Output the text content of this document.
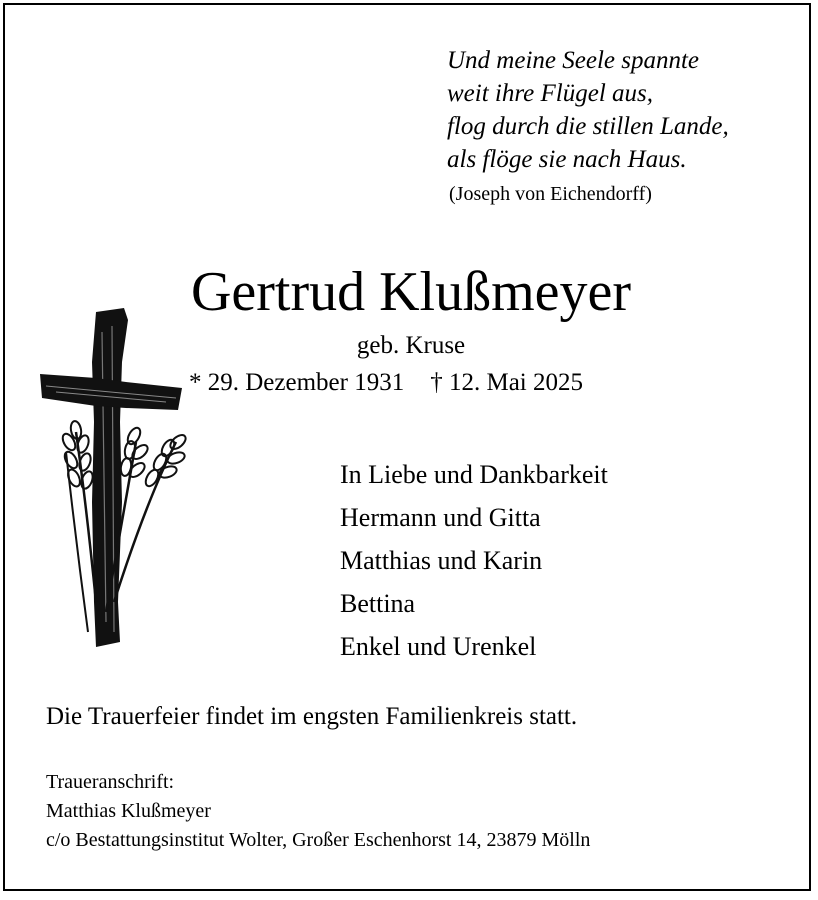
Und meine Seele spannte
weit ihre Flügel aus,
flog durch die stillen Lande,
als flöge sie nach Haus.
(Joseph von Eichendorff)
Gertrud Klußmeyer
geb. Kruse
* 29. Dezember 1931 † 12. Mai 2025
In Liebe und Dankbarkeit
Hermann und Gitta
Matthias und Karin
Bettina
Enkel und Urenkel
Die Trauerfeier findet im engsten Familienkreis statt.
Traueranschrift:
Matthias Klußmeyer
c/o Bestattungsinstitut Wolter, Großer Eschenhorst 14, 23879 Mölln
